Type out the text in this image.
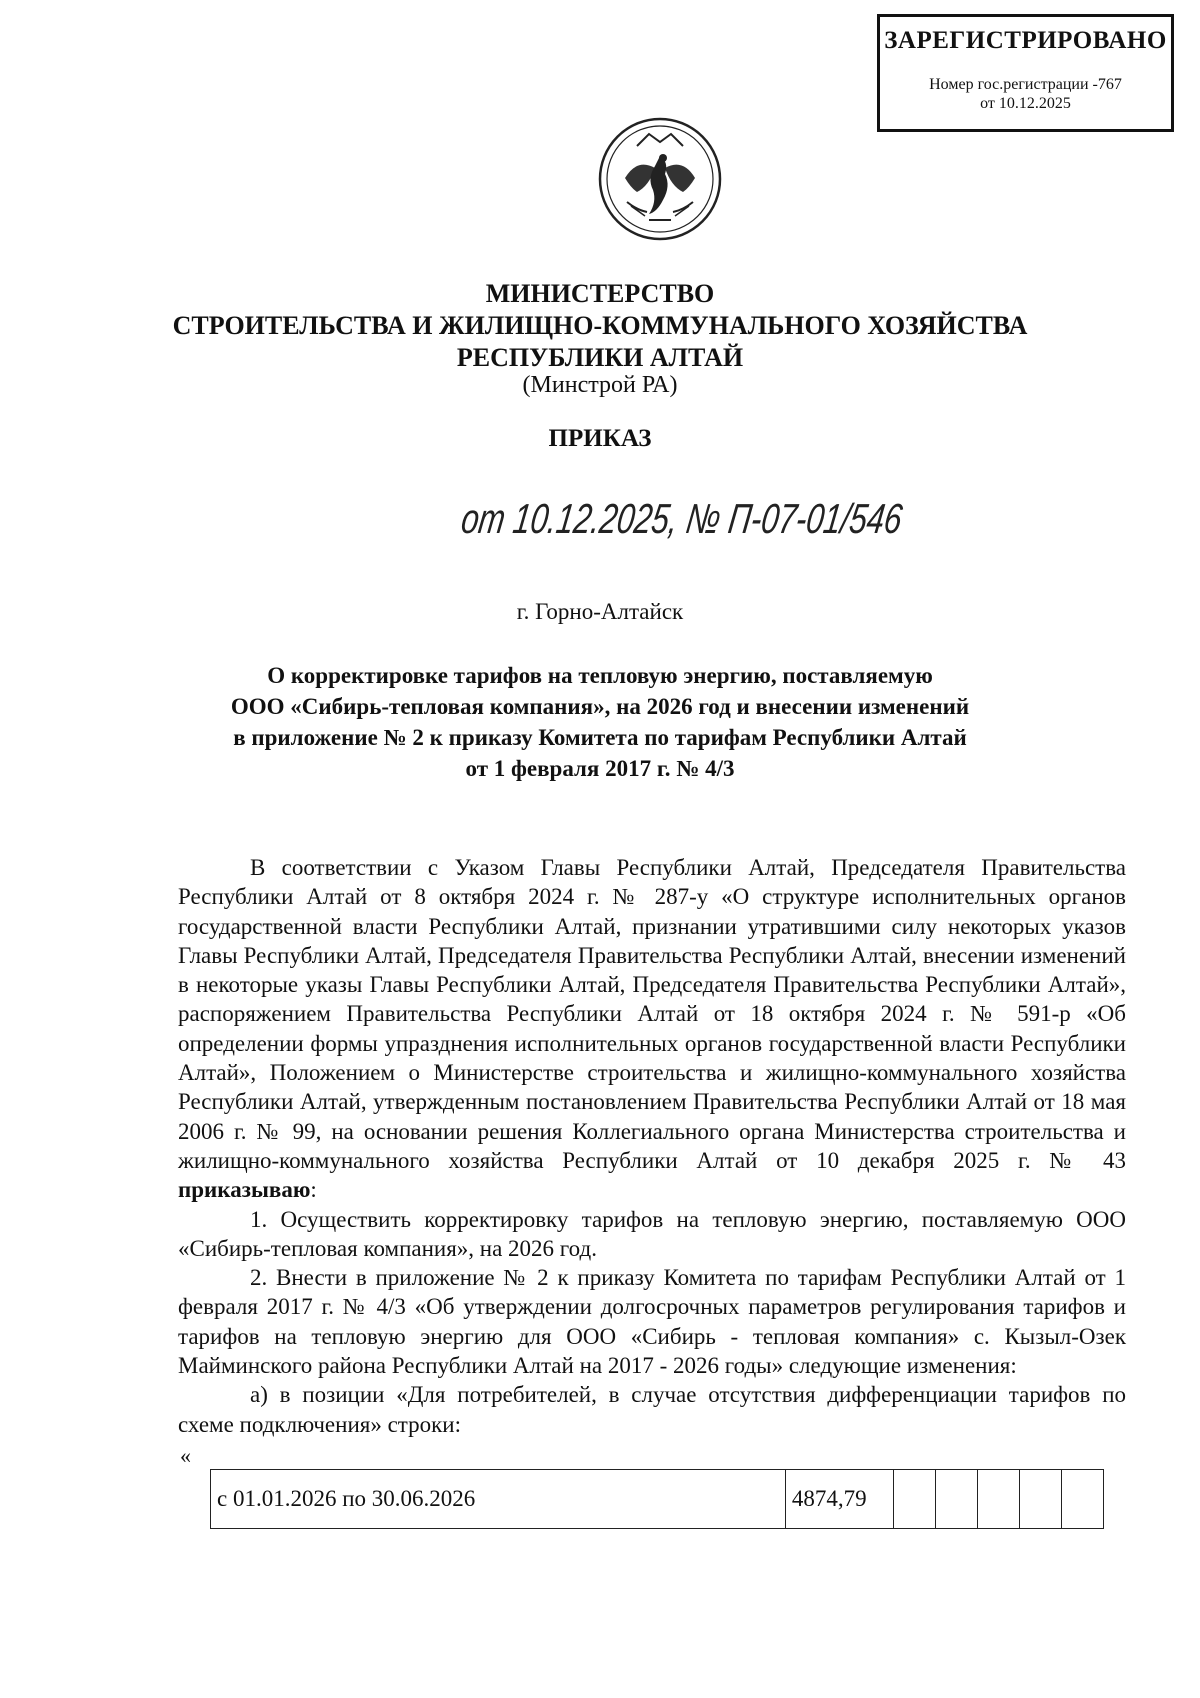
ЗАРЕГИСТРИРОВАНО
Номер гос.регистрации -767
от 10.12.2025
МИНИСТЕРСТВО
СТРОИТЕЛЬСТВА И ЖИЛИЩНО-КОММУНАЛЬНОГО ХОЗЯЙСТВА
РЕСПУБЛИКИ АЛТАЙ
(Минстрой РА)
ПРИКАЗ
от 10.12.2025, № П-07-01/546
г. Горно-Алтайск
О корректировке тарифов на тепловую энергию, поставляемую
ООО «Сибирь-тепловая компания», на 2026 год и внесении изменений
в приложение № 2 к приказу Комитета по тарифам Республики Алтай
от 1 февраля 2017 г. № 4/3

В соответствии с Указом Главы Республики Алтай, Председателя Правительства Республики Алтай от 8 октября 2024 г. № 287-у «О структуре исполнительных органов государственной власти Республики Алтай, признании утратившими силу некоторых указов Главы Республики Алтай, Председателя Правительства Республики Алтай, внесении изменений в некоторые указы Главы Республики Алтай, Председателя Правительства Республики Алтай», распоряжением Правительства Республики Алтай от 18 октября 2024 г. № 591-р «Об определении формы упразднения исполнительных органов государственной власти Республики Алтай», Положением о Министерстве строительства и жилищно-коммунального хозяйства Республики Алтай, утвержденным постановлением Правительства Республики Алтай от 18 мая 2006 г. № 99, на основании решения Коллегиального органа Министерства строительства и жилищно-коммунального хозяйства Республики Алтай от 10 декабря 2025 г. № 43 приказываю:

1. Осуществить корректировку тарифов на тепловую энергию, поставляемую ООО «Сибирь-тепловая компания», на 2026 год.

2. Внести в приложение № 2 к приказу Комитета по тарифам Республики Алтай от 1 февраля 2017 г. № 4/3 «Об утверждении долгосрочных параметров регулирования тарифов и тарифов на тепловую энергию для ООО «Сибирь - тепловая компания» с. Кызыл-Озек Майминского района Республики Алтай на 2017 - 2026 годы» следующие изменения:

а) в позиции «Для потребителей, в случае отсутствия дифференциации тарифов по схеме подключения» строки:

«
с 01.01.2026 по 30.06.2026	4874,79					
